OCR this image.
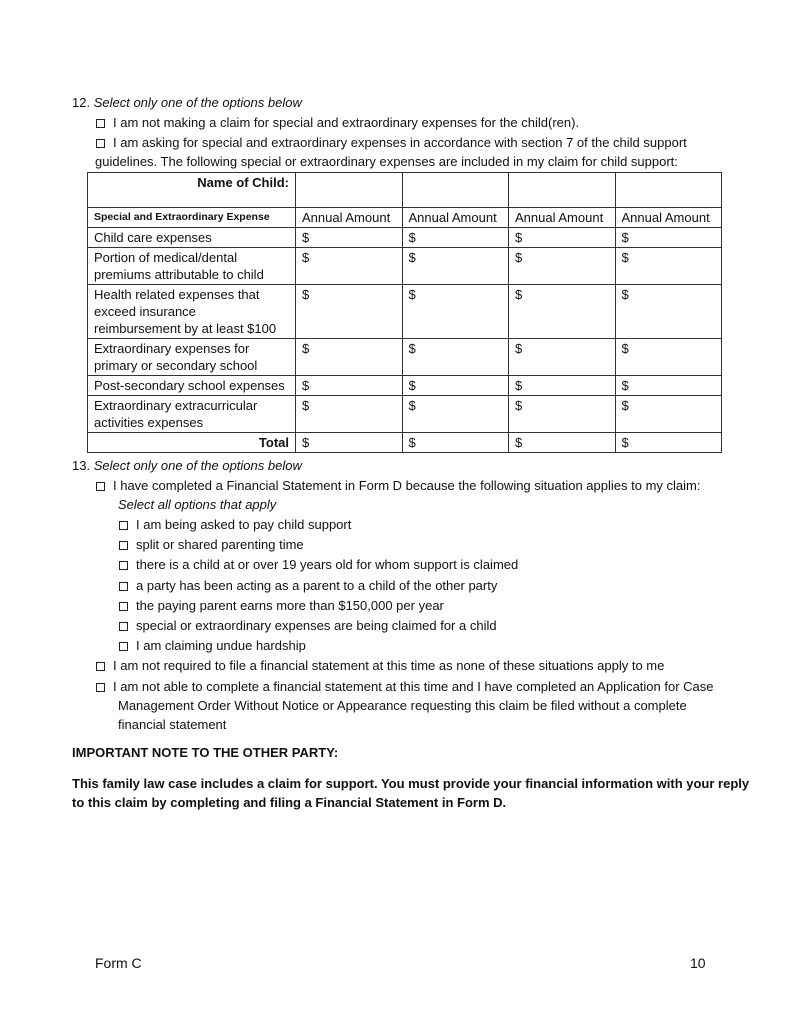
12. Select only one of the options below
I am not making a claim for special and extraordinary expenses for the child(ren).
I am asking for special and extraordinary expenses in accordance with section 7 of the child support
guidelines. The following special or extraordinary expenses are included in my claim for child support:
Name of Child:				
Special and Extraordinary Expense	Annual Amount	Annual Amount	Annual Amount	Annual Amount

Child care expenses	$	$	$	$

Portion of medical/dental
premiums attributable to child	$	$	$	$

Health related expenses that
exceed insurance
reimbursement by at least $100	$	$	$	$

Extraordinary expenses for
primary or secondary school	$	$	$	$

Post-secondary school expenses	$	$	$	$

Extraordinary extracurricular
activities expenses	$	$	$	$
Total	$	$	$	$
13. Select only one of the options below
I have completed a Financial Statement in Form D because the following situation applies to my claim:
Select all options that apply
I am being asked to pay child support
split or shared parenting time
there is a child at or over 19 years old for whom support is claimed
a party has been acting as a parent to a child of the other party
the paying parent earns more than $150,000 per year
special or extraordinary expenses are being claimed for a child
I am claiming undue hardship
I am not required to file a financial statement at this time as none of these situations apply to me
I am not able to complete a financial statement at this time and I have completed an Application for Case
Management Order Without Notice or Appearance requesting this claim be filed without a complete
financial statement
IMPORTANT NOTE TO THE OTHER PARTY:
This family law case includes a claim for support. You must provide your financial information with your reply
to this claim by completing and filing a Financial Statement in Form D.
Form C	10
